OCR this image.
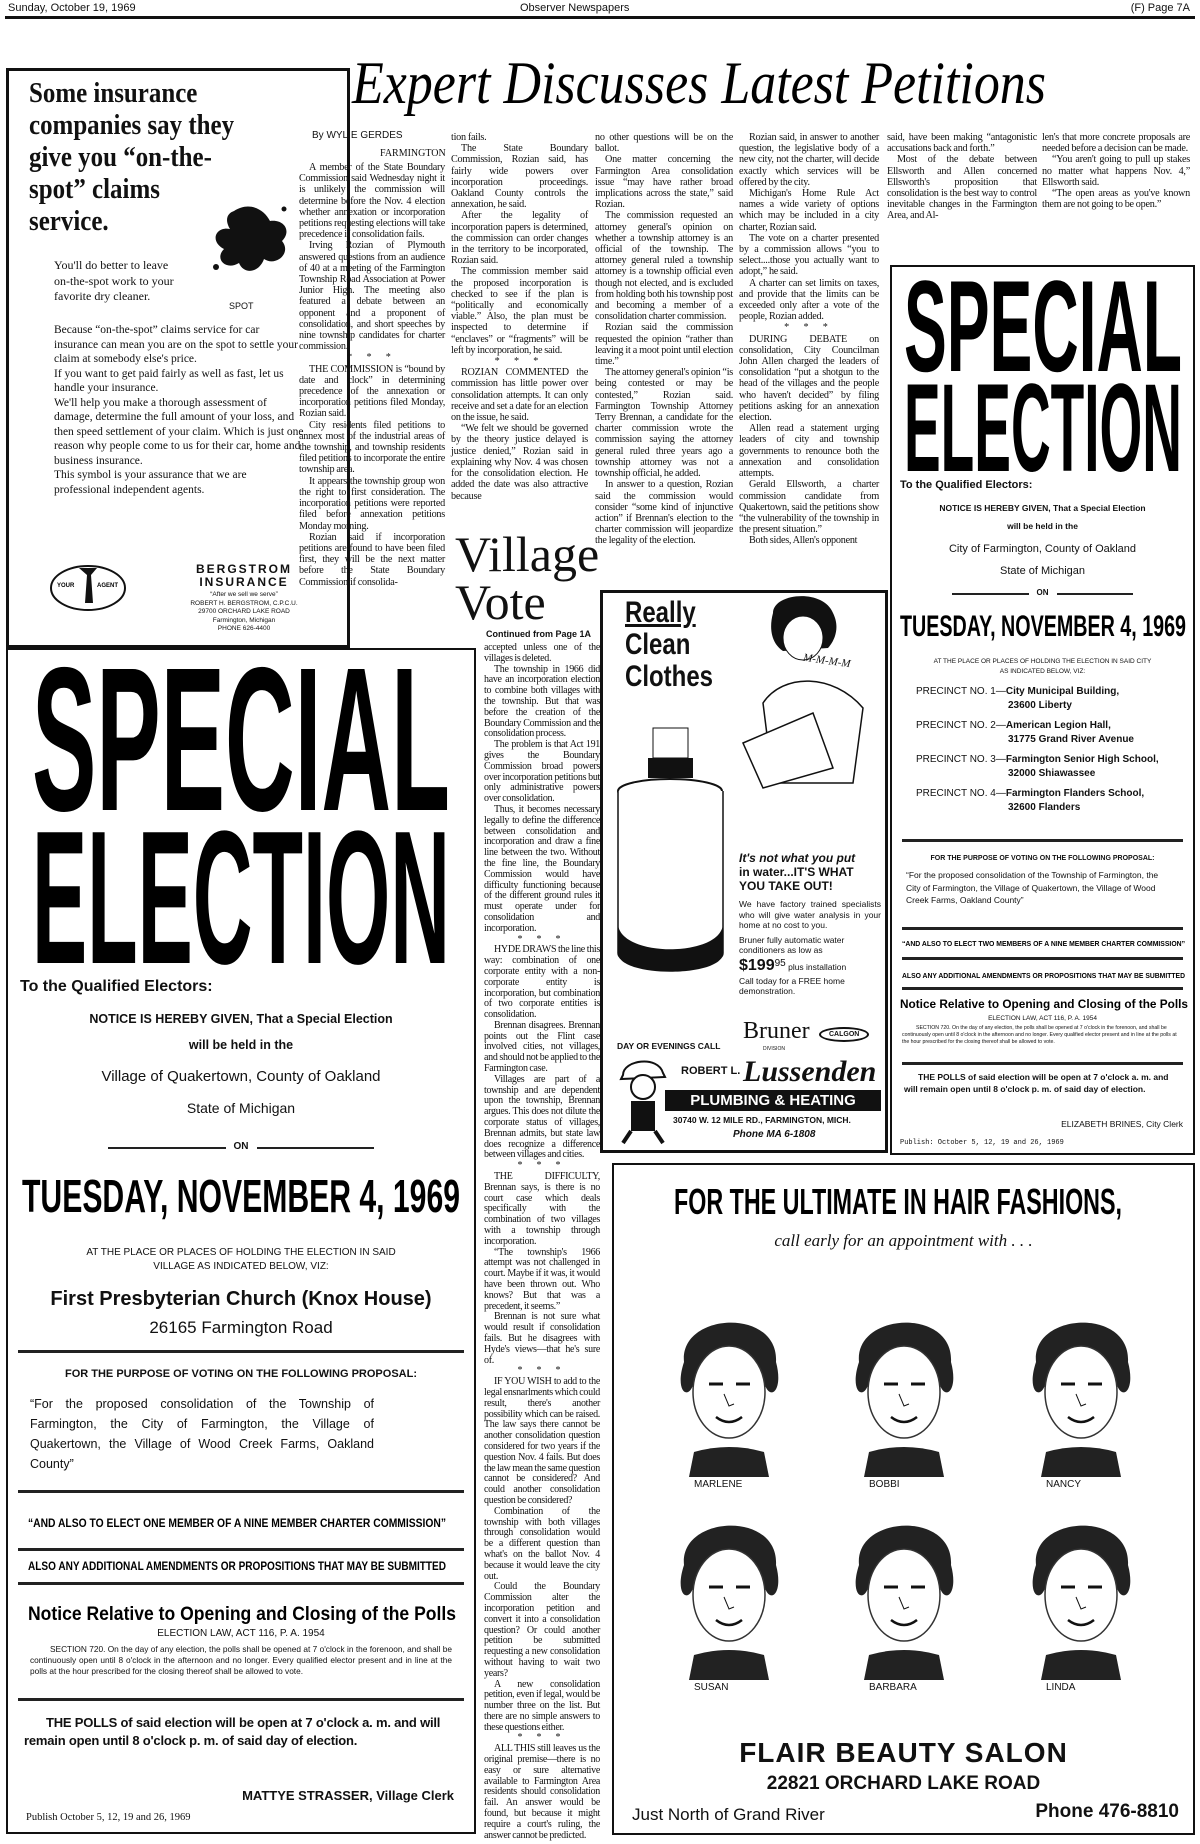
Sunday, October 19, 1969	Observer Newspapers	(F) Page 7A
Some insurance companies say they give you “on-the-spot” claims service.
SPOT
You'll do better to leave on-the-spot work to your favorite dry cleaner.

Because “on-the-spot” claims service for car insurance can mean you are on the spot to settle your claim at somebody else's price.

If you want to get paid fairly as well as fast, let us handle your insurance.

We'll help you make a thorough assessment of damage, determine the full amount of your loss, and then speed settlement of your claim. Which is just one reason why people come to us for their car, home and business insurance.

This symbol is your assurance that we are professional independent agents.

YOUR	AGENT
BERGSTROM
INSURANCE
“After we sell we serve”
ROBERT H. BERGSTROM, C.P.C.U.
29700 ORCHARD LAKE ROAD
Farmington, Michigan
PHONE 626-4400
Expert Discusses Latest Petitions
By WYLIE GERDES
FARMINGTON

A member of the State Boundary Commission said Wednesday night it is unlikely the commission will determine before the Nov. 4 election whether annexation or incorporation petitions requesting elections will take precedence if consolidation fails.

Irving Rozian of Plymouth answered questions from an audience of 40 at a meeting of the Farmington Township Road Association at Power Junior High. The meeting also featured a debate between an opponent and a proponent of consolidation, and short speeches by nine township candidates for charter commission.

* * *

THE COMMISSION is “bound by date and clock” in determining precedence of the annexation or incorporation petitions filed Monday, Rozian said.

City residents filed petitions to annex most of the industrial areas of the township, and township residents filed petitions to incorporate the entire township area.

It appears the township group won the right to first consideration. The incorporation petitions were reported filed before annexation petitions Monday morning.

Rozian said if incorporation petitions are found to have been filed first, they will be the next matter before the State Boundary Commission if consolida-

tion fails.

The State Boundary Commission, Rozian said, has fairly wide powers over incorporation proceedings. Oakland County controls the annexation, he said.

After the legality of incorporation papers is determined, the commission can order changes in the territory to be incorporated, Rozian said.

The commission member said the proposed incorporation is checked to see if the plan is “politically and economically viable.” Also, the plan must be inspected to determine if “enclaves” or “fragments” will be left by incorporation, he said.

* * *

ROZIAN COMMENTED the commission has little power over consolidation attempts. It can only receive and set a date for an election on the issue, he said.

“We felt we should be governed by the theory justice delayed is justice denied,” Rozian said in explaining why Nov. 4 was chosen for the consolidation election. He added the date was also attractive because

no other questions will be on the ballot.

One matter concerning the Farmington Area consolidation issue “may have rather broad implications across the state,” said Rozian.

The commission requested an attorney general's opinion on whether a township attorney is an official of the township. The attorney general ruled a township attorney is a township official even though not elected, and is excluded from holding both his township post and becoming a member of a consolidation charter commission.

Rozian said the commission requested the opinion “rather than leaving it a moot point until election time.”

The attorney general's opinion “is being contested or may be contested,” Rozian said. Farmington Township Attorney Terry Brennan, a candidate for the charter commission wrote the commission saying the attorney general ruled three years ago a township attorney was not a township official, he added.

In answer to a question, Rozian said the commission would consider “some kind of injunctive action” if Brennan's election to the charter commission will jeopardize the legality of the election.

Rozian said, in answer to another question, the legislative body of a new city, not the charter, will decide exactly which services will be offered by the city.

Michigan's Home Rule Act names a wide variety of options which may be included in a city charter, Rozian said.

The vote on a charter presented by a commission allows “you to select....those you actually want to adopt,” he said.

A charter can set limits on taxes, and provide that the limits can be exceeded only after a vote of the people, Rozian added.

* * *

DURING DEBATE on consolidation, City Councilman John Allen charged the leaders of consolidation “put a shotgun to the head of the villages and the people who haven't decided” by filing petitions asking for an annexation election.

Allen read a statement urging leaders of city and township governments to renounce both the annexation and consolidation attempts.

Gerald Ellsworth, a charter commission candidate from Quakertown, said the petitions show “the vulnerability of the township in the present situation.”

Both sides, Allen's opponent

said, have been making “antagonistic accusations back and forth.”

Most of the debate between Ellsworth and Allen concerned Ellsworth's proposition that consolidation is the best way to control inevitable changes in the Farmington Area, and Al-

len's that more concrete proposals are needed before a decision can be made.

“You aren't going to pull up stakes no matter what happens Nov. 4,” Ellsworth said.

“The open areas as you've known them are not going to be open.”

Village
Vote
Continued from Page 1A

accepted unless one of the villages is deleted.

The township in 1966 did have an incorporation election to combine both villages with the township. But that was before the creation of the Boundary Commission and the consolidation process.

The problem is that Act 191 gives the Boundary Commission broad powers over incorporation petitions but only administrative powers over consolidation.

Thus, it becomes necessary legally to define the difference between consolidation and incorporation and draw a fine line between the two. Without the fine line, the Boundary Commission would have difficulty functioning because of the different ground rules it must operate under for consolidation and incorporation.

* * *

HYDE DRAWS the line this way: combination of one corporate entity with a non-corporate entity is incorporation, but combination of two corporate entities is consolidation.

Brennan disagrees. Brennan points out the Flint case involved cities, not villages, and should not be applied to the Farmington case.

Villages are part of a township and are dependent upon the township, Brennan argues. This does not dilute the corporate status of villages, Brennan admits, but state law does recognize a difference between villages and cities.

* * *

THE DIFFICULTY, Brennan says, is there is no court case which deals specifically with the combination of two villages with a township through incorporation.

“The township's 1966 attempt was not challenged in court. Maybe if it was, it would have been thrown out. Who knows? But that was a precedent, it seems.”

Brennan is not sure what would result if consolidation fails. But he disagrees with Hyde's views—that he's sure of.

* * *

IF YOU WISH to add to the legal ensnarlments which could result, there's another possibility which can be raised. The law says there cannot be another consolidation question considered for two years if the question Nov. 4 fails. But does the law mean the same question cannot be considered? And could another consolidation question be considered?

Combination of the township with both villages through consolidation would be a different question than what's on the ballot Nov. 4 because it would leave the city out.

Could the Boundary Commission alter the incorporation petition and convert it into a consolidation question? Or could another petition be submitted requesting a new consolidation without having to wait two years?

A new consolidation petition, even if legal, would be number three on the list. But there are no simple answers to these questions either.

* * *

ALL THIS still leaves us the original premise—there is no easy or sure alternative available to Farmington Area residents should consolidation fail. An answer would be found, but because it might require a court's ruling, the answer cannot be predicted.

SPECIAL
ELECTION
To the Qualified Electors:
NOTICE IS HEREBY GIVEN, That a Special Election
will be held in the
Village of Quakertown, County of Oakland
State of Michigan
ON
TUESDAY, NOVEMBER 4, 1969
AT THE PLACE OR PLACES OF HOLDING THE ELECTION IN SAID VILLAGE AS INDICATED BELOW, VIZ:
First Presbyterian Church (Knox House)
26165 Farmington Road
FOR THE PURPOSE OF VOTING ON THE FOLLOWING PROPOSAL:
“For the proposed consolidation of the Township of Farmington, the City of Farmington, the Village of Quakertown, the Village of Wood Creek Farms, Oakland County”
“AND ALSO TO ELECT ONE MEMBER OF A NINE MEMBER CHARTER COMMISSION”
ALSO ANY ADDITIONAL AMENDMENTS OR PROPOSITIONS THAT MAY BE SUBMITTED
Notice Relative to Opening and Closing of the Polls
ELECTION LAW, ACT 116, P. A. 1954
SECTION 720. On the day of any election, the polls shall be opened at 7 o'clock in the forenoon, and shall be continuously open until 8 o'clock in the afternoon and no longer. Every qualified elector present and in line at the polls at the hour prescribed for the closing thereof shall be allowed to vote.
THE POLLS of said election will be open at 7 o'clock a. m. and will remain open until 8 o'clock p. m. of said day of election.
MATTYE STRASSER, Village Clerk
Publish October 5, 12, 19 and 26, 1969
SPECIAL
ELECTION
To the Qualified Electors:
NOTICE IS HEREBY GIVEN, That a Special Election
will be held in the
City of Farmington, County of Oakland
State of Michigan
ON
TUESDAY, NOVEMBER 4, 1969
AT THE PLACE OR PLACES OF HOLDING THE ELECTION IN SAID CITY AS INDICATED BELOW, VIZ:
PRECINCT NO. 1—City Municipal Building,
23600 Liberty
PRECINCT NO. 2—American Legion Hall,
31775 Grand River Avenue
PRECINCT NO. 3—Farmington Senior High School,
32000 Shiawassee
PRECINCT NO. 4—Farmington Flanders School,
32600 Flanders
FOR THE PURPOSE OF VOTING ON THE FOLLOWING PROPOSAL:
“For the proposed consolidation of the Township of Farmington, the City of Farmington, the Village of Quakertown, the Village of Wood Creek Farms, Oakland County”
“AND ALSO TO ELECT TWO MEMBERS OF A NINE MEMBER CHARTER COMMISSION”
ALSO ANY ADDITIONAL AMENDMENTS OR PROPOSITIONS THAT MAY BE SUBMITTED
Notice Relative to Opening and Closing of the Polls
ELECTION LAW, ACT 116, P. A. 1954
SECTION 720. On the day of any election, the polls shall be opened at 7 o'clock in the forenoon, and shall be continuously open until 8 o'clock in the afternoon and no longer. Every qualified elector present and in line at the polls at the hour prescribed for the closing thereof shall be allowed to vote.
THE POLLS of said election will be open at 7 o'clock a. m. and will remain open until 8 o'clock p. m. of said day of election.
ELIZABETH BRINES, City Clerk
Publish: October 5, 12, 19 and 26, 1969
Really
Clean
Clothes	M-M-M-M
It's not what you put
in water...IT'S WHAT
YOU TAKE OUT!
We have factory trained specialists who will give water analysis in your home at no cost to you.
Bruner fully automatic water conditioners as low as
$\$199^{95}$ plus installation
Call today for a FREE home demonstration.
Bruner
DIVISION
CALGON
DAY OR EVENINGS CALL
ROBERT L. Lussenden
PLUMBING & HEATING
30740 W. 12 MILE RD., FARMINGTON, MICH.
Phone MA 6-1808
FOR THE ULTIMATE IN HAIR FASHIONS,
call early for an appointment with . . .
MARLENE	BOBBI	NANCY
SUSAN	BARBARA	LINDA
FLAIR BEAUTY SALON
22821 ORCHARD LAKE ROAD
Just North of Grand River	Phone 476-8810
